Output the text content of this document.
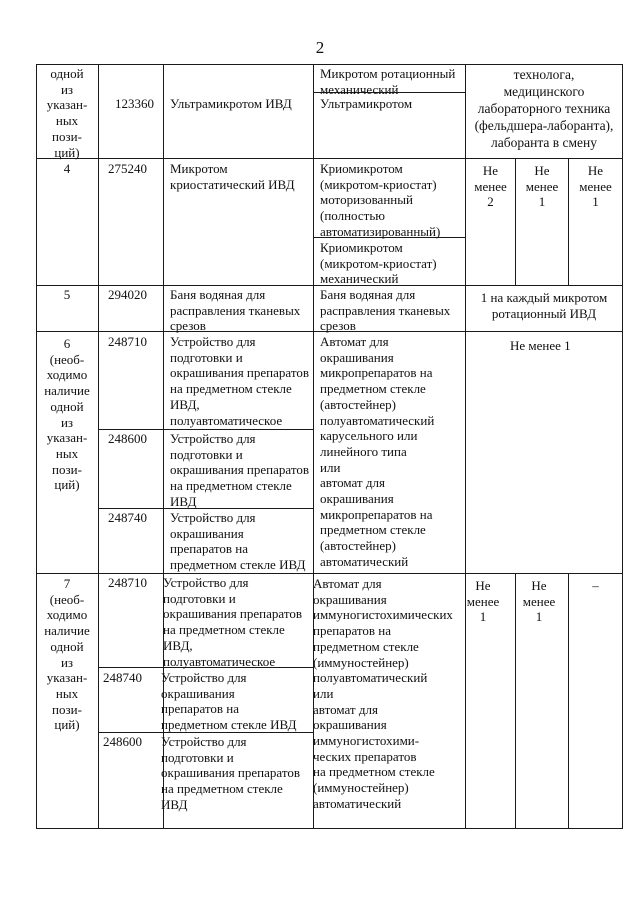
2
одной
из
указан-
ных
пози-
ций)
123360 Ультрамикротом ИВД
Микротом ротационный
механический
Ультрамикротом
технолога,
медицинского
лабораторного техника
(фельдшера-лаборанта),
лаборанта в смену
4	275240 Микротом
криостатический ИВД
Криомикротом
(микротом-криостат)
моторизованный
(полностью
автоматизированный)
Криомикротом
(микротом-криостат)
механический
Не
менее
2
Не
менее
1
Не
менее
1
5	294020 Баня водяная для
расправления тканевых
срезов
Баня водяная для
расправления тканевых
срезов
1 на каждый микротом
ротационный ИВД
6
(необ-
ходимо
наличие
одной
из
указан-
ных
пози-
ций)
248710 Устройство для
подготовки и
окрашивания препаратов
на предметном стекле
ИВД,
полуавтоматическое
248600 Устройство для
подготовки и
окрашивания препаратов
на предметном стекле
ИВД
248740 Устройство для
окрашивания
препаратов на
предметном стекле ИВД
Автомат для
окрашивания
микропрепаратов на
предметном стекле
(автостейнер)
полуавтоматический
карусельного или
линейного типа
или
автомат для
окрашивания
микропрепаратов на
предметном стекле
(автостейнер)
автоматический
Не менее 1
7
(необ-
ходимо
наличие
одной
из
указан-
ных
пози-
ций)
248710 Устройство для
подготовки и
окрашивания препаратов
на предметном стекле
ИВД,
полуавтоматическое
248740 Устройство для
окрашивания
препаратов на
предметном стекле ИВД
248600 Устройство для
подготовки и
окрашивания препаратов
на предметном стекле
ИВД
Автомат для
окрашивания
иммуногистохимических
препаратов на
предметном стекле
(иммуностейнер)
полуавтоматический
или
автомат для
окрашивания
иммуногистохими-
ческих препаратов
на предметном стекле
(иммуностейнер)
автоматический
Не
менее
1
Не
менее
1
–
